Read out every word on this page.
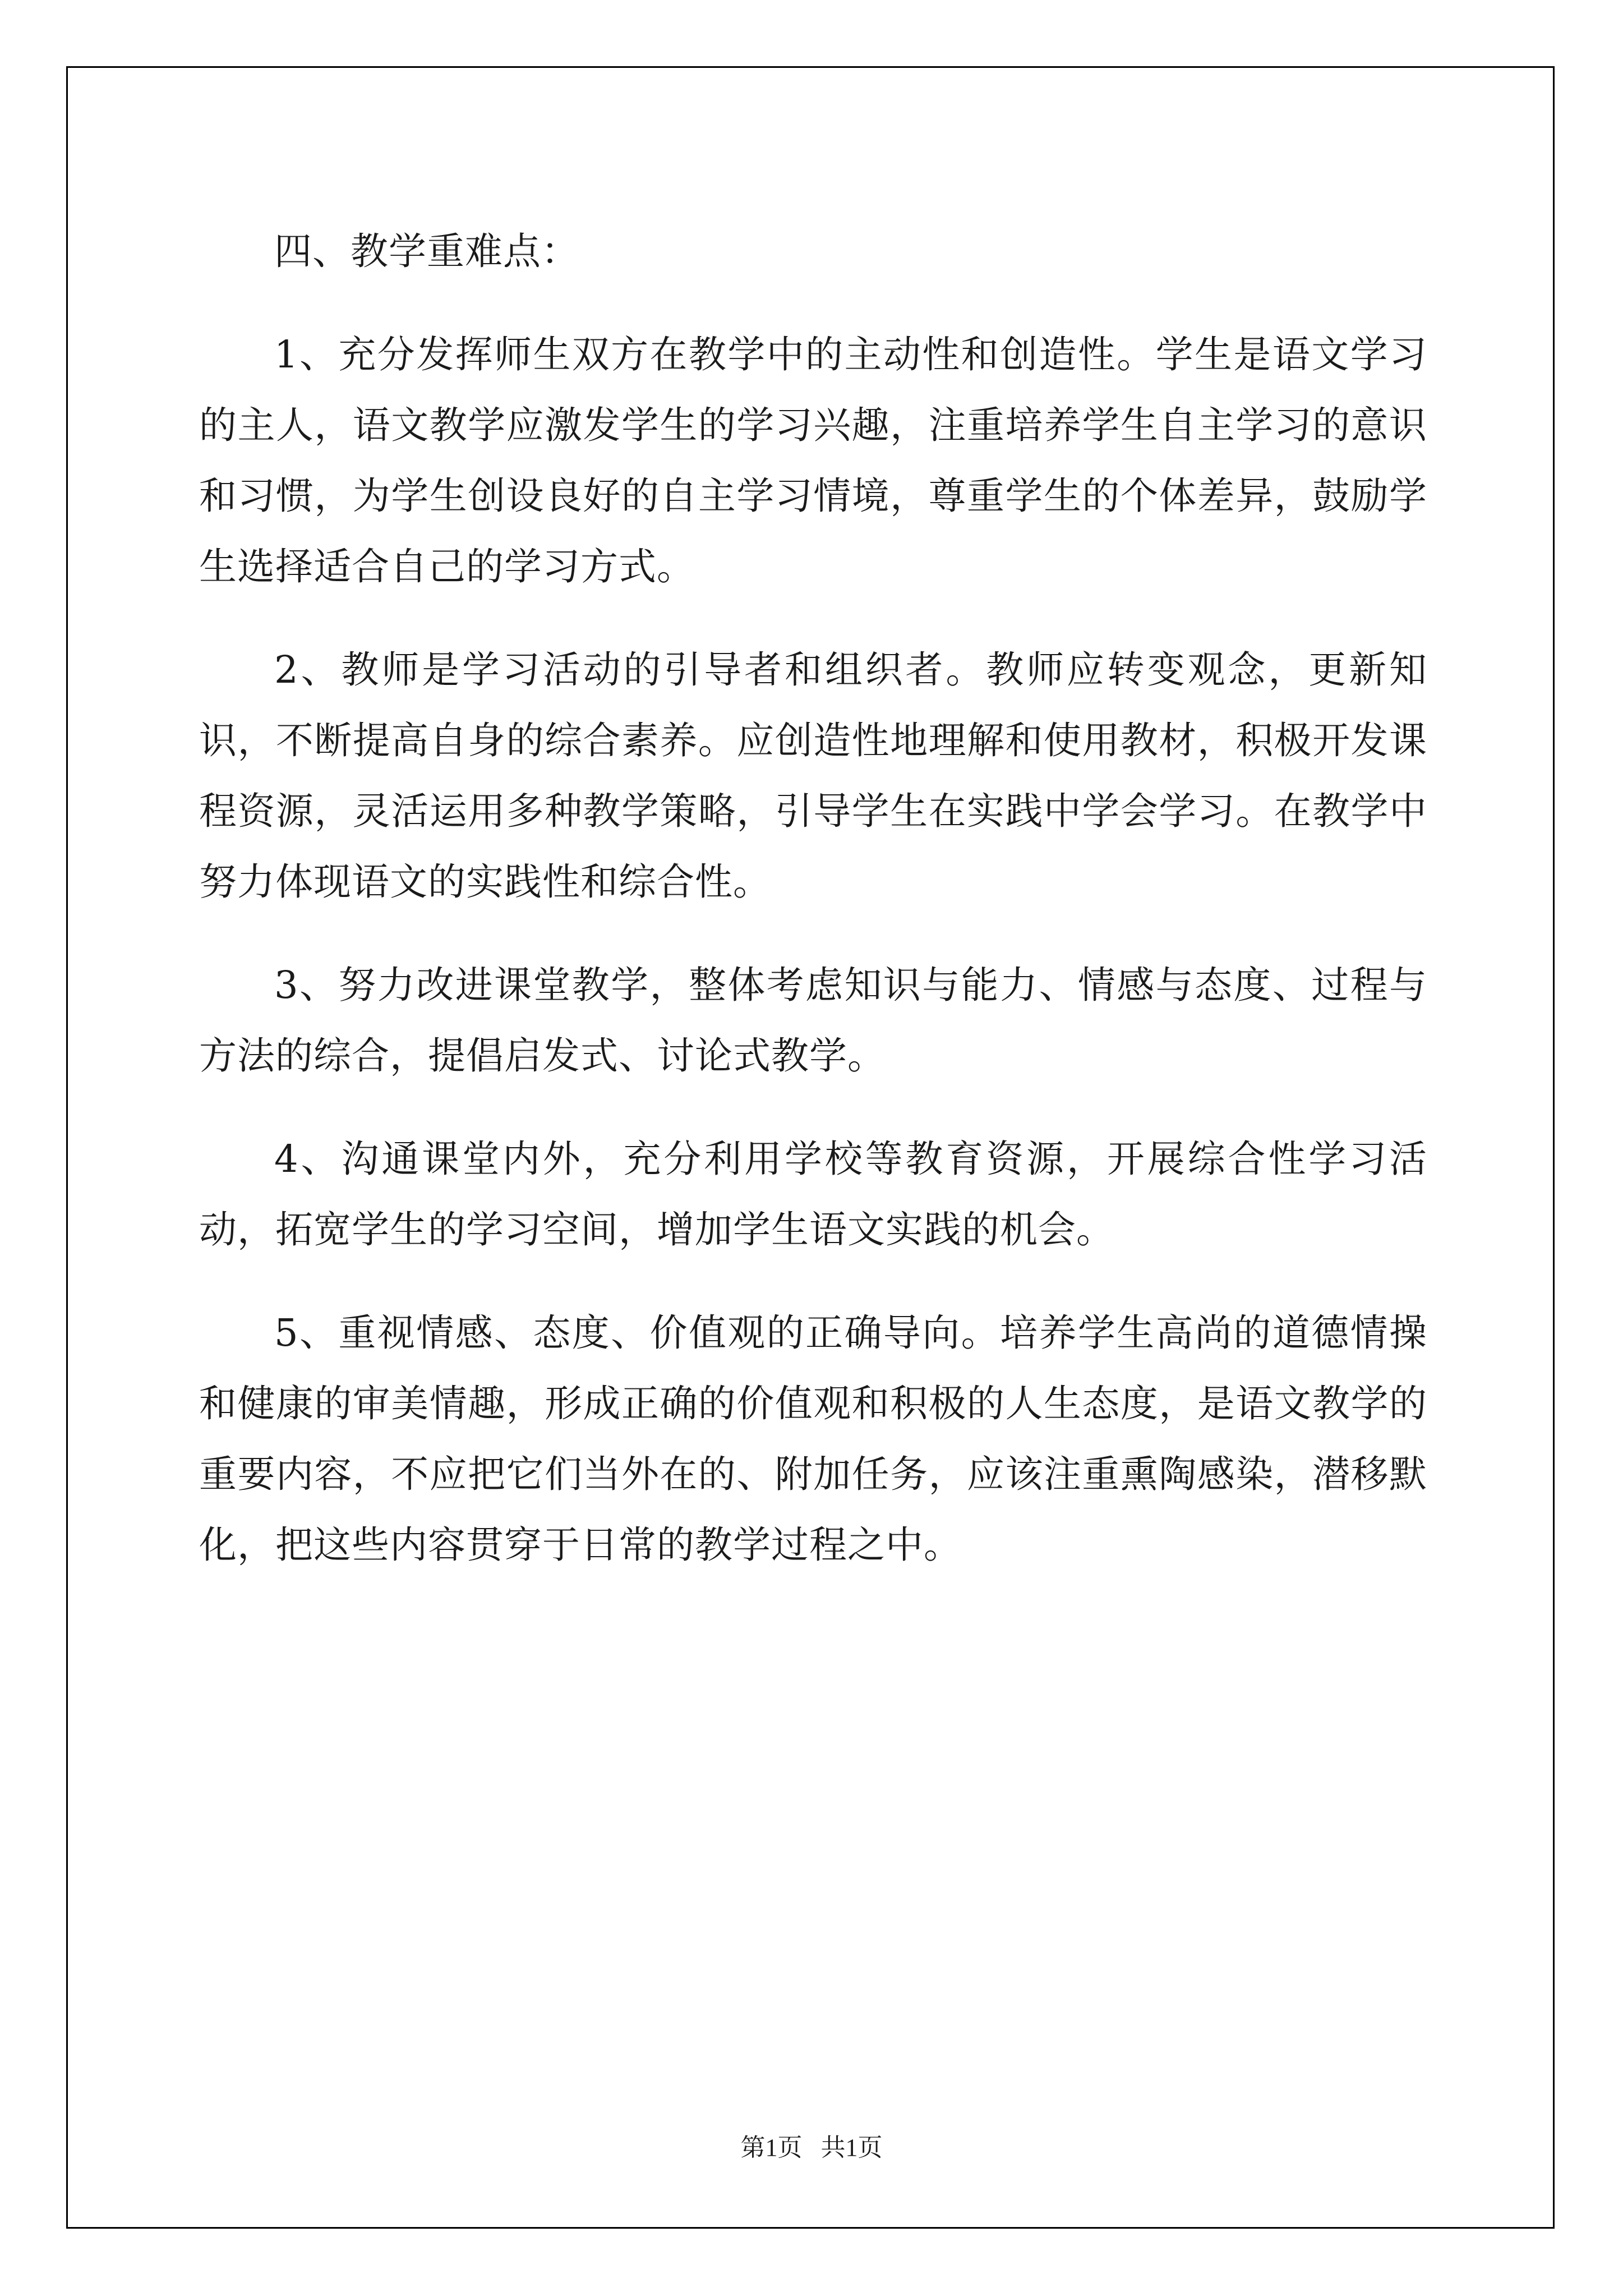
四、教学重难点：

1、充分发挥师生双方在教学中的主动性和创造性。学生是语文学习的主人，语文教学应激发学生的学习兴趣，注重培养学生自主学习的意识和习惯，为学生创设良好的自主学习情境，尊重学生的个体差异，鼓励学生选择适合自己的学习方式。

2、教师是学习活动的引导者和组织者。教师应转变观念，更新知识，不断提高自身的综合素养。应创造性地理解和使用教材，积极开发课程资源，灵活运用多种教学策略，引导学生在实践中学会学习。在教学中努力体现语文的实践性和综合性。

3、努力改进课堂教学，整体考虑知识与能力、情感与态度、过程与方法的综合，提倡启发式、讨论式教学。

4、沟通课堂内外，充分利用学校等教育资源，开展综合性学习活动，拓宽学生的学习空间，增加学生语文实践的机会。

5、重视情感、态度、价值观的正确导向。培养学生高尚的道德情操和健康的审美情趣，形成正确的价值观和积极的人生态度，是语文教学的重要内容，不应把它们当外在的、附加任务，应该注重熏陶感染，潜移默化，把这些内容贯穿于日常的教学过程之中。

第1页   共1页
